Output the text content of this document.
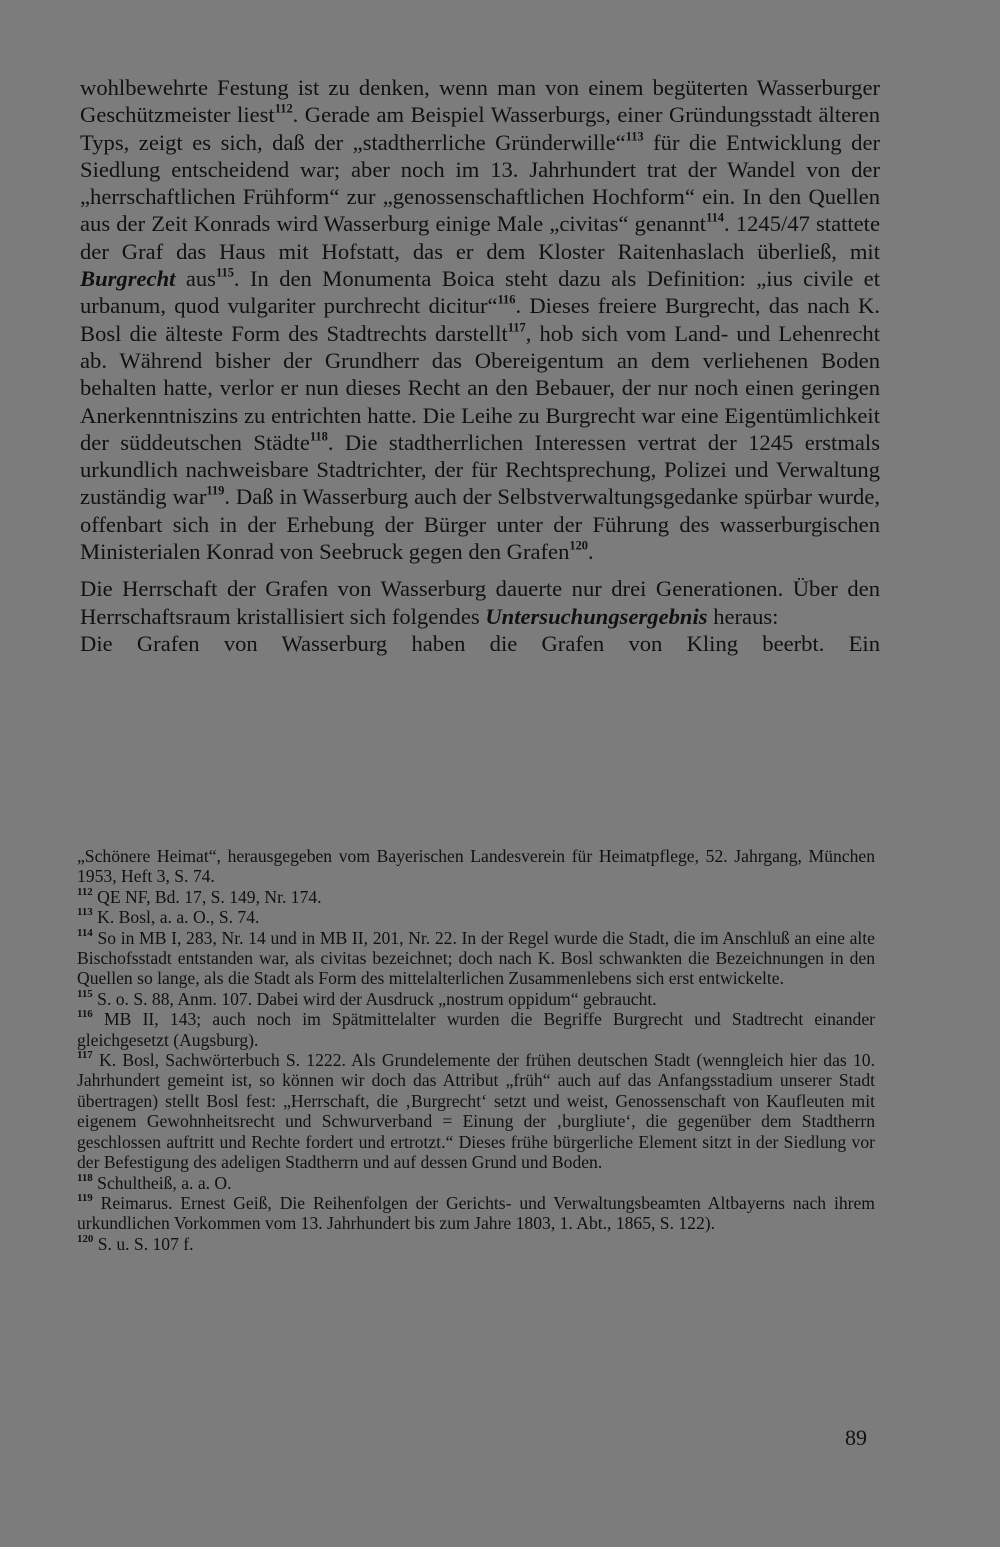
wohlbewehrte Festung ist zu denken, wenn man von einem begüterten Wasserburger Geschützmeister liest$^{112}$. Gerade am Beispiel Wasserburgs, einer Gründungsstadt älteren Typs, zeigt es sich, daß der „stadtherrliche Gründerwille“$^{113}$ für die Entwicklung der Siedlung entscheidend war; aber noch im 13. Jahrhundert trat der Wandel von der „herrschaftlichen Frühform“ zur „genossenschaftlichen Hochform“ ein. In den Quellen aus der Zeit Konrads wird Wasserburg einige Male „civitas“ genannt$^{114}$. 1245/47 stattete der Graf das Haus mit Hofstatt, das er dem Kloster Raitenhaslach überließ, mit Burgrecht aus$^{115}$. In den Monumenta Boica steht dazu als Definition: „ius civile et urbanum, quod vulgariter purchrecht dicitur“$^{116}$. Dieses freiere Burgrecht, das nach K. Bosl die älteste Form des Stadtrechts darstellt$^{117}$, hob sich vom Land- und Lehenrecht ab. Während bisher der Grundherr das Obereigentum an dem verliehenen Boden behalten hatte, verlor er nun dieses Recht an den Bebauer, der nur noch einen geringen Anerkenntniszins zu entrichten hatte. Die Leihe zu Burgrecht war eine Eigentümlichkeit der süddeutschen Städte$^{118}$. Die stadtherrlichen Interessen vertrat der 1245 erstmals urkundlich nachweisbare Stadtrichter, der für Rechtsprechung, Polizei und Verwaltung zuständig war$^{119}$. Daß in Wasserburg auch der Selbstverwaltungsgedanke spürbar wurde, offenbart sich in der Erhebung der Bürger unter der Führung des wasserburgischen Ministerialen Konrad von Seebruck gegen den Grafen$^{120}$.

Die Herrschaft der Grafen von Wasserburg dauerte nur drei Generationen. Über den Herrschaftsraum kristallisiert sich folgendes Untersuchungsergebnis heraus:

Die Grafen von Wasserburg haben die Grafen von Kling beerbt. Ein

„Schönere Heimat“, herausgegeben vom Bayerischen Landesverein für Heimatpflege, 52. Jahrgang, München 1953, Heft 3, S. 74.

$^{112}$ QE NF, Bd. 17, S. 149, Nr. 174.

$^{113}$ K. Bosl, a. a. O., S. 74.

$^{114}$ So in MB I, 283, Nr. 14 und in MB II, 201, Nr. 22. In der Regel wurde die Stadt, die im Anschluß an eine alte Bischofsstadt entstanden war, als civitas bezeichnet; doch nach K. Bosl schwankten die Bezeichnungen in den Quellen so lange, als die Stadt als Form des mittelalterlichen Zusammenlebens sich erst entwickelte.

$^{115}$ S. o. S. 88, Anm. 107. Dabei wird der Ausdruck „nostrum oppidum“ gebraucht.

$^{116}$ MB II, 143; auch noch im Spätmittelalter wurden die Begriffe Burgrecht und Stadtrecht einander gleichgesetzt (Augsburg).

$^{117}$ K. Bosl, Sachwörterbuch S. 1222. Als Grundelemente der frühen deutschen Stadt (wenngleich hier das 10. Jahrhundert gemeint ist, so können wir doch das Attribut „früh“ auch auf das Anfangsstadium unserer Stadt übertragen) stellt Bosl fest: „Herrschaft, die ‚Burgrecht‘ setzt und weist, Genossenschaft von Kaufleuten mit eigenem Gewohnheitsrecht und Schwurverband = Einung der ‚burgliute‘, die gegenüber dem Stadtherrn geschlossen auftritt und Rechte fordert und ertrotzt.“ Dieses frühe bürgerliche Element sitzt in der Siedlung vor der Befestigung des adeligen Stadtherrn und auf dessen Grund und Boden.

$^{118}$ Schultheiß, a. a. O.

$^{119}$ Reimarus. Ernest Geiß, Die Reihenfolgen der Gerichts- und Verwaltungsbeamten Altbayerns nach ihrem urkundlichen Vorkommen vom 13. Jahrhundert bis zum Jahre 1803, 1. Abt., 1865, S. 122).

$^{120}$ S. u. S. 107 f.

89
